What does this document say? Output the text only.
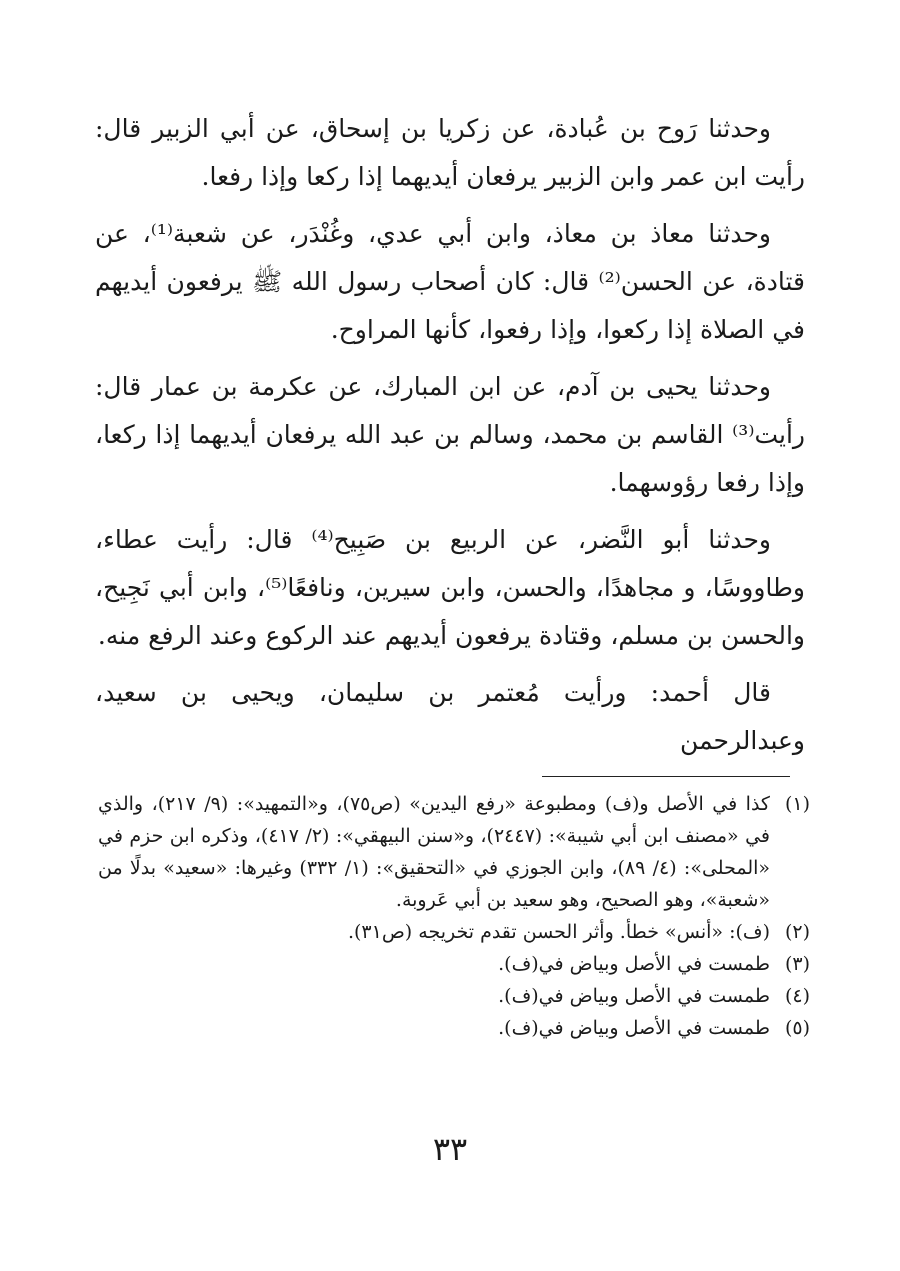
وحدثنا رَوح بن عُبادة، عن زكريا بن إسحاق، عن أبي الزبير قال: رأيت ابن عمر وابن الزبير يرفعان أيديهما إذا ركعا وإذا رفعا.

وحدثنا معاذ بن معاذ، وابن أبي عدي، وغُنْدَر، عن شعبة⁽¹⁾، عن قتادة، عن الحسن⁽²⁾ قال: كان أصحاب رسول الله ﷺ يرفعون أيديهم في الصلاة إذا ركعوا، وإذا رفعوا، كأنها المراوح.

وحدثنا يحيى بن آدم، عن ابن المبارك، عن عكرمة بن عمار قال: رأيت⁽³⁾ القاسم بن محمد، وسالم بن عبد الله يرفعان أيديهما إذا ركعا، وإذا رفعا رؤوسهما.

وحدثنا أبو النَّضر، عن الربيع بن صَبِيح⁽⁴⁾ قال: رأيت عطاء، وطاووسًا، و مجاهدًا، والحسن، وابن سيرين، ونافعًا⁽⁵⁾، وابن أبي نَجِيح، والحسن بن مسلم، وقتادة يرفعون أيديهم عند الركوع وعند الرفع منه.

قال أحمد: ورأيت مُعتمر بن سليمان، ويحيى بن سعيد، وعبدالرحمن

(١)
كذا في الأصل و(ف) ومطبوعة «رفع اليدين» (ص٧٥)، و«التمهيد»: (٩/ ٢١٧)، والذي في «مصنف ابن أبي شيبة»: (٢٤٤٧)، و«سنن البيهقي»: (٢/ ٤١٧)، وذكره ابن حزم في «المحلى»: (٤/ ٨٩)، وابن الجوزي في «التحقيق»: (١/ ٣٣٢) وغيرها: «سعيد» بدلًا من «شعبة»، وهو الصحيح، وهو سعيد بن أبي عَروبة.
(٢)
(ف): «أنس» خطأ. وأثر الحسن تقدم تخريجه (ص٣١).
(٣)
طمست في الأصل وبياض في(ف).
(٤)
طمست في الأصل وبياض في(ف).
(٥)
طمست في الأصل وبياض في(ف).
٣٣
